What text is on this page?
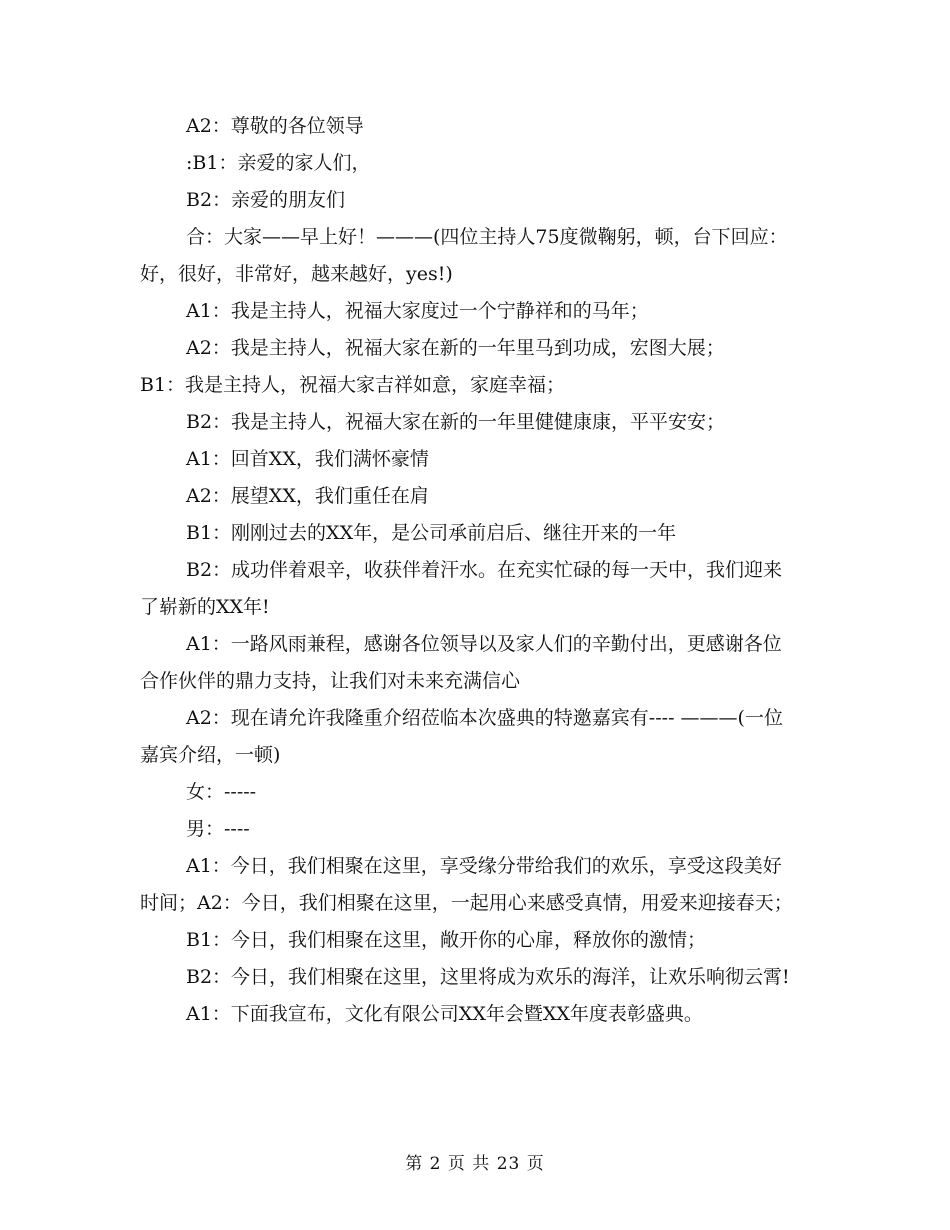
A2：尊敬的各位领导

:B1：亲爱的家人们，

B2：亲爱的朋友们

合：大家——早上好！———(四位主持人75度微鞠躬，顿，台下回应：好，很好，非常好，越来越好，yes!)

A1：我是主持人，祝福大家度过一个宁静祥和的马年；

A2：我是主持人，祝福大家在新的一年里马到功成，宏图大展；

B1：我是主持人，祝福大家吉祥如意，家庭幸福；

B2：我是主持人，祝福大家在新的一年里健健康康，平平安安；

A1：回首XX，我们满怀豪情

A2：展望XX，我们重任在肩

B1：刚刚过去的XX年，是公司承前启后、继往开来的一年

B2：成功伴着艰辛，收获伴着汗水。在充实忙碌的每一天中，我们迎来了崭新的XX年!

A1：一路风雨兼程，感谢各位领导以及家人们的辛勤付出，更感谢各位合作伙伴的鼎力支持，让我们对未来充满信心

A2：现在请允许我隆重介绍莅临本次盛典的特邀嘉宾有---- ———(一位嘉宾介绍，一顿)

女：-----

男：----

A1：今日，我们相聚在这里，享受缘分带给我们的欢乐，享受这段美好时间；A2：今日，我们相聚在这里，一起用心来感受真情，用爱来迎接春天；

B1：今日，我们相聚在这里，敞开你的心扉，释放你的激情；

B2：今日，我们相聚在这里，这里将成为欢乐的海洋，让欢乐响彻云霄!

A1：下面我宣布，文化有限公司XX年会暨XX年度表彰盛典。

第 2 页 共 23 页
